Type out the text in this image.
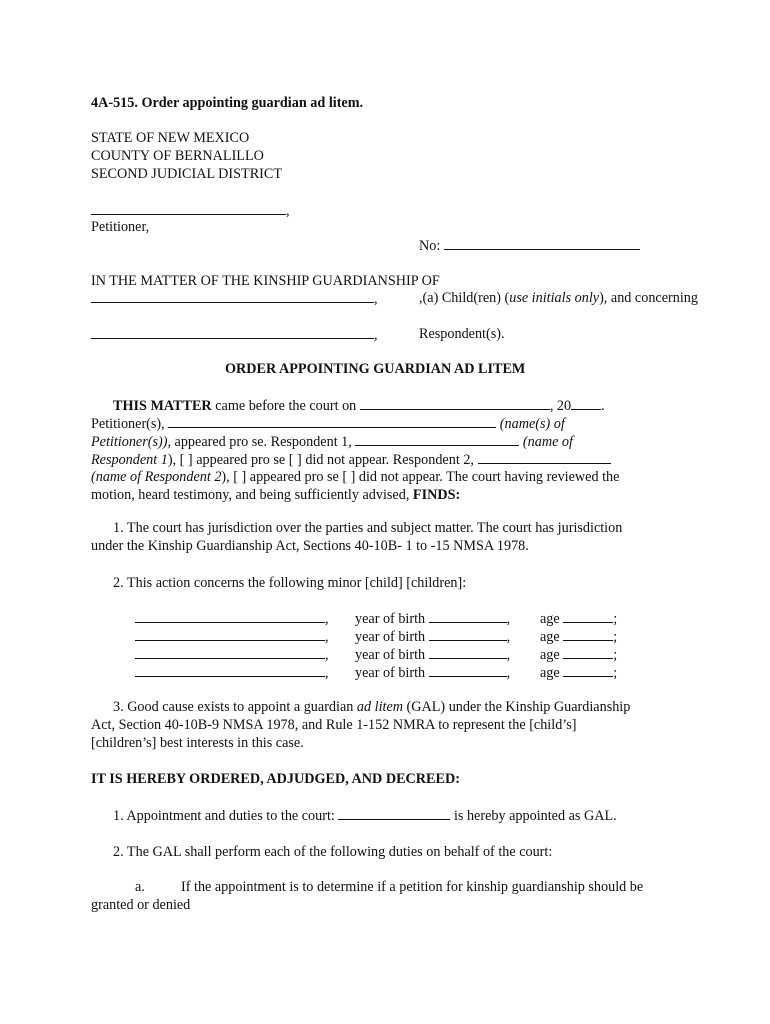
4A-515. Order appointing guardian ad litem.
STATE OF NEW MEXICO
COUNTY OF BERNALILLO
SECOND JUDICIAL DISTRICT
,
Petitioner,
No:
IN THE MATTER OF THE KINSHIP GUARDIANSHIP OF
,	,(a) Child(ren) (use initials only), and concerning
,	Respondent(s).
ORDER APPOINTING GUARDIAN AD LITEM
THIS MATTER came before the court on	, 20 .
Petitioner(s),	(name(s) of
Petitioner(s)), appeared pro se. Respondent 1,	(name of
Respondent 1), [ ] appeared pro se [ ] did not appear. Respondent 2,
(name of Respondent 2), [ ] appeared pro se [ ] did not appear. The court having reviewed the
motion, heard testimony, and being sufficiently advised, FINDS:
1. The court has jurisdiction over the parties and subject matter. The court has jurisdiction
under the Kinship Guardianship Act, Sections 40-10B- 1 to -15 NMSA 1978.
2. This action concerns the following minor [child] [children]:
, year of birth	, age	;
, year of birth	, age	;
, year of birth	, age	;
, year of birth	, age	;
3. Good cause exists to appoint a guardian ad litem (GAL) under the Kinship Guardianship
Act, Section 40-10B-9 NMSA 1978, and Rule 1-152 NMRA to represent the [child’s]
[children’s] best interests in this case.
IT IS HEREBY ORDERED, ADJUDGED, AND DECREED:
1. Appointment and duties to the court:	is hereby appointed as GAL.
2. The GAL shall perform each of the following duties on behalf of the court:
a.	If the appointment is to determine if a petition for kinship guardianship should be
granted or denied
